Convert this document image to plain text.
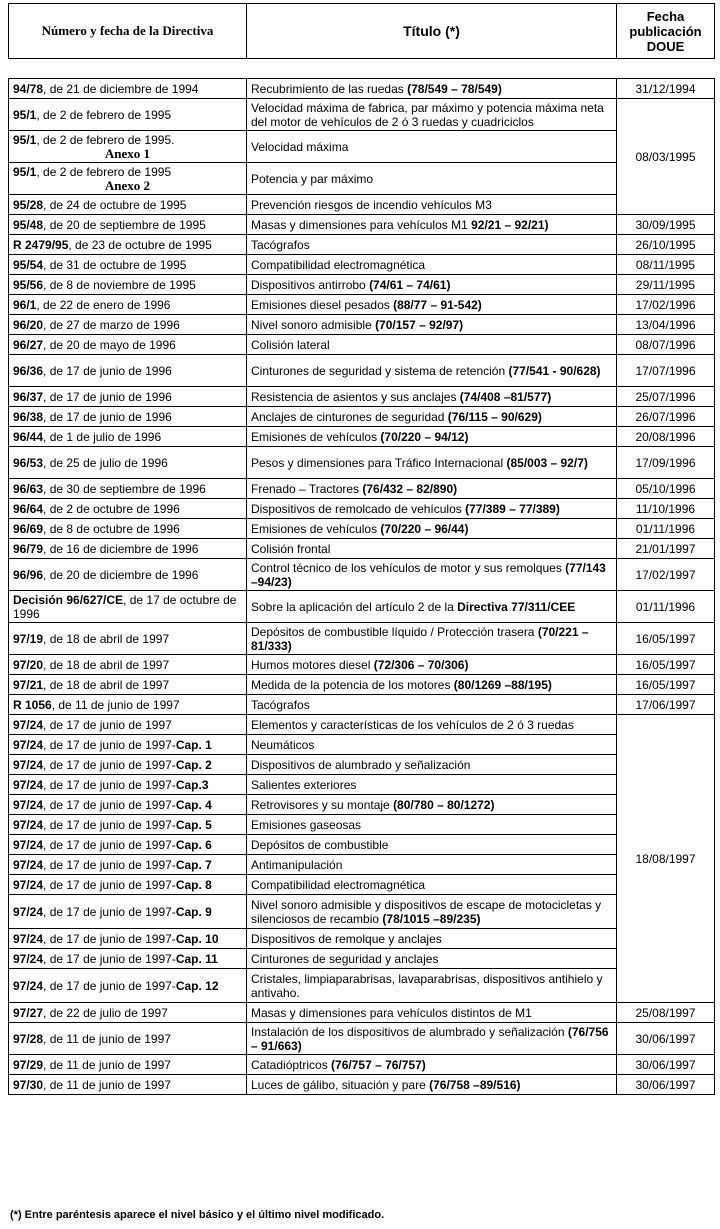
Número y fecha de la Directiva	Título (*)	Fecha
publicación
DOUE
94/78, de 21 de diciembre de 1994	Recubrimiento de las ruedas (78/549 – 78/549)	31/12/1994
95/1, de 2 de febrero de 1995	Velocidad máxima de fabrica, par máximo y potencia máxima neta del motor de vehículos de 2 ó 3 ruedas y cuadriciclos	08/03/1995
95/1, de 2 de febrero de 1995.
Anexo 1	Velocidad máxima	
95/1, de 2 de febrero de 1995
Anexo 2	Potencia y par máximo	
95/28, de 24 de octubre de 1995	Prevención riesgos de incendio vehículos M3	
95/48, de 20 de septiembre de 1995	Masas y dimensiones para vehículos M1 92/21 – 92/21)	30/09/1995
R 2479/95, de 23 de octubre de 1995	Tacógrafos	26/10/1995
95/54, de 31 de octubre de 1995	Compatibilidad electromagnética	08/11/1995
95/56, de 8 de noviembre de 1995	Dispositivos antirrobo (74/61 – 74/61)	29/11/1995
96/1, de 22 de enero de 1996	Emisiones diesel pesados (88/77 – 91-542)	17/02/1996
96/20, de 27 de marzo de 1996	Nivel sonoro admisible (70/157 – 92/97)	13/04/1996
96/27, de 20 de mayo de 1996	Colisión lateral	08/07/1996
96/36, de 17 de junio de 1996	Cinturones de seguridad y sistema de retención (77/541 - 90/628)	17/07/1996
96/37, de 17 de junio de 1996	Resistencia de asientos y sus anclajes (74/408 –81/577)	25/07/1996
96/38, de 17 de junio de 1996	Anclajes de cinturones de seguridad (76/115 – 90/629)	26/07/1996
96/44, de 1 de julio de 1996	Emisiones de vehículos (70/220 – 94/12)	20/08/1996
96/53, de 25 de julio de 1996	Pesos y dimensiones para Tráfico Internacional (85/003 – 92/7)	17/09/1996
96/63, de 30 de septiembre de 1996	Frenado – Tractores (76/432 – 82/890)	05/10/1996
96/64, de 2 de octubre de 1996	Dispositivos de remolcado de vehículos (77/389 – 77/389)	11/10/1996
96/69, de 8 de octubre de 1996	Emisiones de vehículos (70/220 – 96/44)	01/11/1996
96/79, de 16 de diciembre de 1996	Colisión frontal	21/01/1997
96/96, de 20 de diciembre de 1996	Control técnico de los vehículos de motor y sus remolques (77/143 –94/23)	17/02/1997
Decisión 96/627/CE, de 17 de octubre de 1996	Sobre la aplicación del artículo 2 de la Directiva 77/311/CEE	01/11/1996
97/19, de 18 de abril de 1997	Depósitos de combustible líquido / Protección trasera (70/221 – 81/333)	16/05/1997
97/20, de 18 de abril de 1997	Humos motores diesel (72/306 – 70/306)	16/05/1997
97/21, de 18 de abril de 1997	Medida de la potencia de los motores (80/1269 –88/195)	16/05/1997
R 1056, de 11 de junio de 1997	Tacógrafos	17/06/1997
97/24, de 17 de junio de 1997	Elementos y características de los vehículos de 2 ó 3 ruedas	18/08/1997
97/24, de 17 de junio de 1997-Cap. 1	Neumáticos	
97/24, de 17 de junio de 1997-Cap. 2	Dispositivos de alumbrado y señalización	
97/24, de 17 de junio de 1997-Cap.3	Salientes exteriores	
97/24, de 17 de junio de 1997-Cap. 4	Retrovisores y su montaje (80/780 – 80/1272)	
97/24, de 17 de junio de 1997-Cap. 5	Emisiones gaseosas	
97/24, de 17 de junio de 1997-Cap. 6	Depósitos de combustible	
97/24, de 17 de junio de 1997-Cap. 7	Antimanipulación	
97/24, de 17 de junio de 1997-Cap. 8	Compatibilidad electromagnética	
97/24, de 17 de junio de 1997-Cap. 9	Nivel sonoro admisible y dispositivos de escape de motocicletas y silenciosos de recambio (78/1015 –89/235)	
97/24, de 17 de junio de 1997-Cap. 10	Dispositivos de remolque y anclajes	
97/24, de 17 de junio de 1997-Cap. 11	Cinturones de seguridad y anclajes	
97/24, de 17 de junio de 1997-Cap. 12	Cristales, limpiaparabrisas, lavaparabrisas, dispositivos antihielo y antivaho.	
97/27, de 22 de julio de 1997	Masas y dimensiones para vehículos distintos de M1	25/08/1997
97/28, de 11 de junio de 1997	Instalación de los dispositivos de alumbrado y señalización (76/756 – 91/663)	30/06/1997
97/29, de 11 de junio de 1997	Catadióptricos (76/757 – 76/757)	30/06/1997
97/30, de 11 de junio de 1997	Luces de gálibo, situación y pare (76/758 –89/516)	30/06/1997
(*) Entre paréntesis aparece el nivel básico y el último nivel modificado.
